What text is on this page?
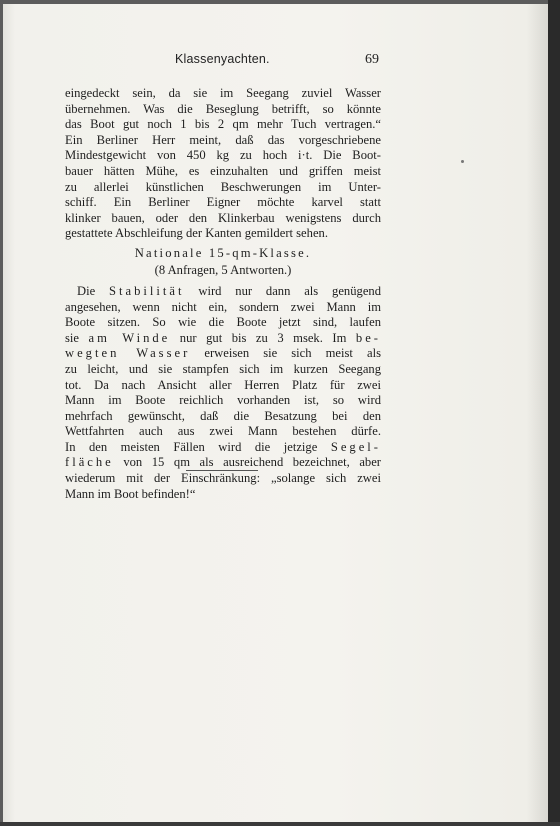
Klassenyachten.	69
eingedeckt sein, da sie im Seegang zuviel Wasser
übernehmen. Was die Beseglung betrifft, so könnte
das Boot gut noch 1 bis 2 qm mehr Tuch vertragen.“
Ein Berliner Herr meint, daß das vorgeschriebene
Mindestgewicht von 450 kg zu hoch i·t. Die Boot-
bauer hätten Mühe, es einzuhalten und griffen meist
zu allerlei künstlichen Beschwerungen im Unter-
schiff. Ein Berliner Eigner möchte karvel statt
klinker bauen, oder den Klinkerbau wenigstens durch
gestattete Abschleifung der Kanten gemildert sehen.
Nationale 15-qm-Klasse.
(8 Anfragen, 5 Antworten.)
Die Stabilität wird nur dann als genügend
angesehen, wenn nicht ein, sondern zwei Mann im
Boote sitzen. So wie die Boote jetzt sind, laufen
sie am Winde nur gut bis zu 3 msek. Im be-
wegten Wasser erweisen sie sich meist als
zu leicht, und sie stampfen sich im kurzen Seegang
tot. Da nach Ansicht aller Herren Platz für zwei
Mann im Boote reichlich vorhanden ist, so wird
mehrfach gewünscht, daß die Besatzung bei den
Wettfahrten auch aus zwei Mann bestehen dürfe.
In den meisten Fällen wird die jetzige Segel-
fläche von 15 qm als ausreichend bezeichnet, aber
wiederum mit der Einschränkung: „solange sich zwei
Mann im Boot befinden!“
